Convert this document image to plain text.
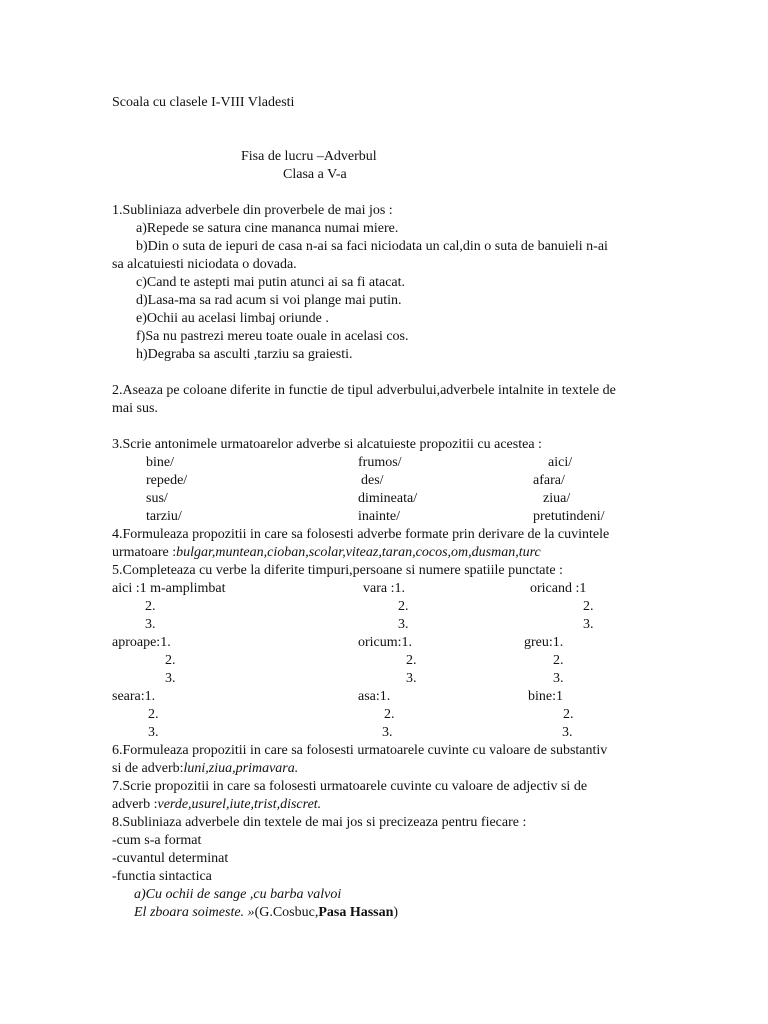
Scoala cu clasele I-VIII Vladesti
Fisa de lucru –Adverbul
Clasa a V-a
1.Subliniaza adverbele din proverbele de mai jos :
a)Repede se satura cine mananca numai miere.
b)Din o suta de iepuri de casa n-ai sa faci niciodata un cal,din o suta de banuieli n-ai
sa alcatuiesti niciodata o dovada.
c)Cand te astepti mai putin atunci ai sa fi atacat.
d)Lasa-ma sa rad acum si voi plange mai putin.
e)Ochii au acelasi limbaj oriunde .
f)Sa nu pastrezi mereu toate ouale in acelasi cos.
h)Degraba sa asculti ,tarziu sa graiesti.
2.Aseaza pe coloane diferite in functie de tipul adverbului,adverbele intalnite in textele de
mai sus.
3.Scrie antonimele urmatoarelor adverbe si alcatuieste propozitii cu acestea :
bine/	frumos/	aici/
repede/	des/	afara/
sus/	dimineata/	ziua/
tarziu/	inainte/	pretutindeni/
4.Formuleaza propozitii in care sa folosesti adverbe formate prin derivare de la cuvintele
urmatoare :bulgar,muntean,cioban,scolar,viteaz,taran,cocos,om,dusman,turc
5.Completeaza cu verbe la diferite timpuri,persoane si numere spatiile punctate :
aici :1 m-amplimbat	vara :1.	oricand :1
2.	2.	2.
3.	3.	3.
aproape:1.	oricum:1.	greu:1.
2.	2.	2.
3.	3.	3.
seara:1.	asa:1.	bine:1
2.	2.	2.
3.	3.	3.
6.Formuleaza propozitii in care sa folosesti urmatoarele cuvinte cu valoare de substantiv
si de adverb:luni,ziua,primavara.
7.Scrie propozitii in care sa folosesti urmatoarele cuvinte cu valoare de adjectiv si de
adverb :verde,usurel,iute,trist,discret.
8.Subliniaza adverbele din textele de mai jos si precizeaza pentru fiecare :
-cum s-a format
-cuvantul determinat
-functia sintactica
a)Cu ochii de sange ,cu barba valvoi
El zboara soimeste. »(G.Cosbuc,Pasa Hassan)
